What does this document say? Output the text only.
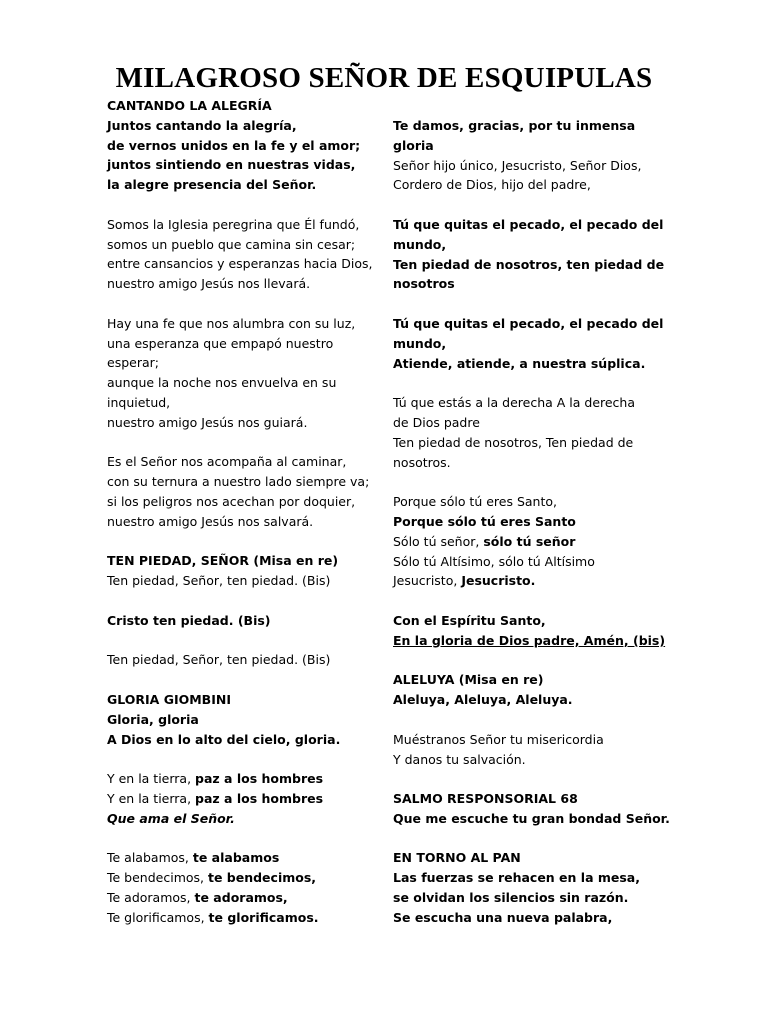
MILAGROSO SEÑOR DE ESQUIPULAS
CANTANDO LA ALEGRÍA
Juntos cantando la alegría,
de vernos unidos en la fe y el amor;
juntos sintiendo en nuestras vidas,
la alegre presencia del Señor.
Somos la Iglesia peregrina que Él fundó,
somos un pueblo que camina sin cesar;
entre cansancios y esperanzas hacia Dios,
nuestro amigo Jesús nos llevará.
Hay una fe que nos alumbra con su luz,
una esperanza que empapó nuestro
esperar;
aunque la noche nos envuelva en su
inquietud,
nuestro amigo Jesús nos guiará.
Es el Señor nos acompaña al caminar,
con su ternura a nuestro lado siempre va;
si los peligros nos acechan por doquier,
nuestro amigo Jesús nos salvará.
TEN PIEDAD, SEÑOR (Misa en re)
Ten piedad, Señor, ten piedad. (Bis)
Cristo ten piedad. (Bis)
Ten piedad, Señor, ten piedad. (Bis)
GLORIA GIOMBINI
Gloria, gloria
A Dios en lo alto del cielo, gloria.
Y en la tierra, paz a los hombres
Y en la tierra, paz a los hombres
Que ama el Señor.
Te alabamos, te alabamos
Te bendecimos, te bendecimos,
Te adoramos, te adoramos,
Te glorificamos, te glorificamos.
Te damos, gracias, por tu inmensa
gloria
Señor hijo único, Jesucristo, Señor Dios,
Cordero de Dios, hijo del padre,
Tú que quitas el pecado, el pecado del
mundo,
Ten piedad de nosotros, ten piedad de
nosotros
Tú que quitas el pecado, el pecado del
mundo,
Atiende, atiende, a nuestra súplica.
Tú que estás a la derecha A la derecha
de Dios padre
Ten piedad de nosotros, Ten piedad de
nosotros.
Porque sólo tú eres Santo,
Porque sólo tú eres Santo
Sólo tú señor, sólo tú señor
Sólo tú Altísimo, sólo tú Altísimo
Jesucristo, Jesucristo.
Con el Espíritu Santo,
En la gloria de Dios padre, Amén, (bis)
ALELUYA (Misa en re)
Aleluya, Aleluya, Aleluya.
Muéstranos Señor tu misericordia
Y danos tu salvación.
SALMO RESPONSORIAL 68
Que me escuche tu gran bondad Señor.
EN TORNO AL PAN
Las fuerzas se rehacen en la mesa,
se olvidan los silencios sin razón.
Se escucha una nueva palabra,
